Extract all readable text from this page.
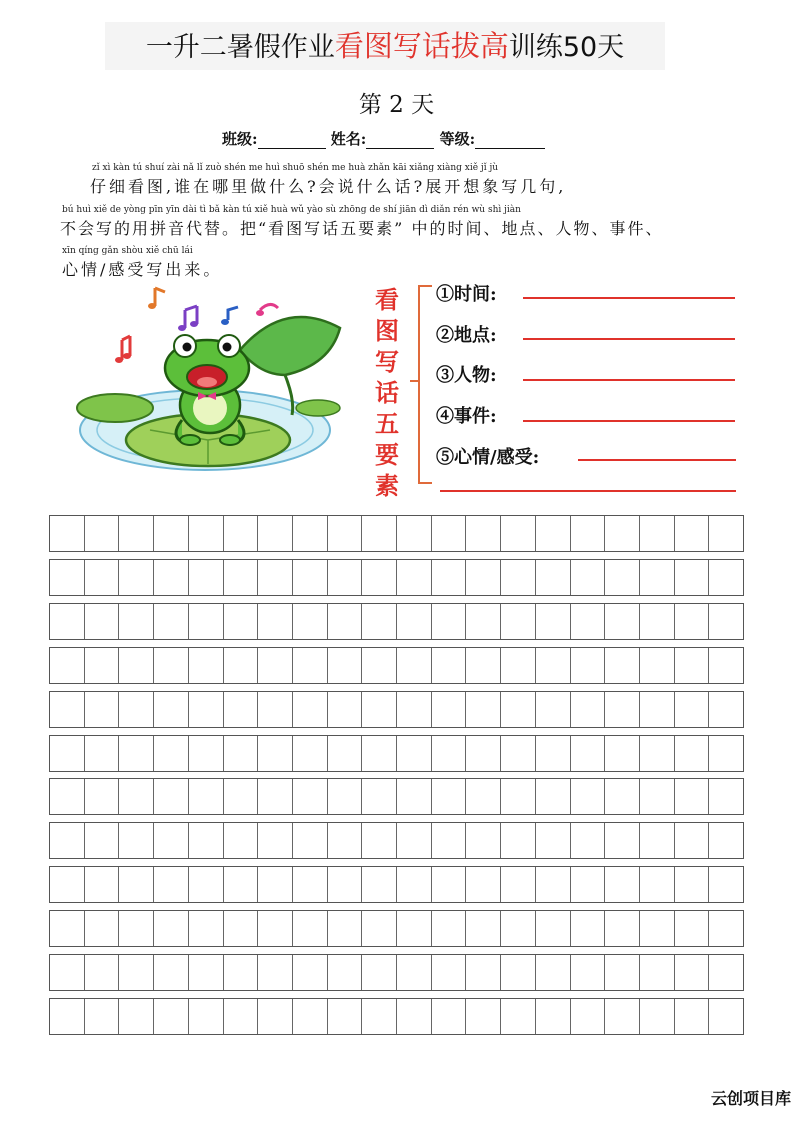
一升二暑假作业看图写话拔高训练50天
第 2 天
班级:	姓名:	等级:
zǐ xì kàn tú shuí zài nǎ lǐ zuò shén me huì shuō shén me huà zhǎn kāi xiǎng xiàng xiě jǐ jù
仔细看图,谁在哪里做什么?会说什么话?展开想象写几句,
bú huì xiě de yòng pīn yīn dài tì bǎ kàn tú xiě huà wǔ yào sù zhōng de shí jiān dì diǎn rén wù shì jiàn
不会写的用拼音代替。把“看图写话五要素” 中的时间、地点、人物、事件、
xīn qíng gǎn shòu xiě chū lái
心情/感受写出来。
看
图
写
话
五
要
素
①时间:
②地点:
③人物:
④事件:
⑤心情/感受:
云创项目库
